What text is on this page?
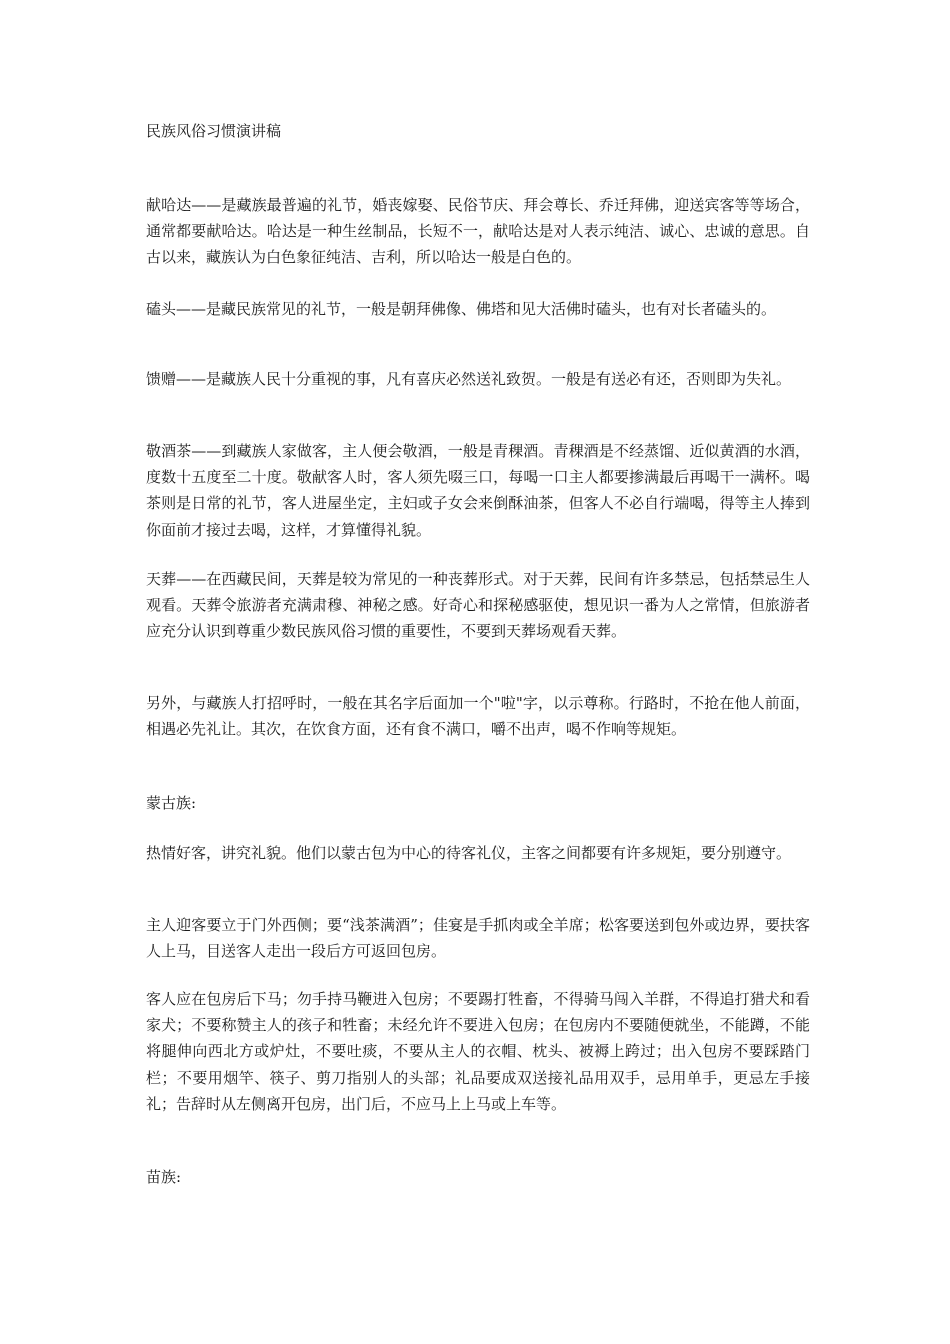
民族风俗习惯演讲稿

献哈达——是藏族最普遍的礼节，婚丧嫁娶、民俗节庆、拜会尊长、乔迁拜佛，迎送宾客等等场合，通常都要献哈达。哈达是一种生丝制品，长短不一，献哈达是对人表示纯洁、诚心、忠诚的意思。自古以来，藏族认为白色象征纯洁、吉利，所以哈达一般是白色的。

磕头——是藏民族常见的礼节，一般是朝拜佛像、佛塔和见大活佛时磕头，也有对长者磕头的。

馈赠——是藏族人民十分重视的事，凡有喜庆必然送礼致贺。一般是有送必有还，否则即为失礼。

敬酒茶——到藏族人家做客，主人便会敬酒，一般是青稞酒。青稞酒是不经蒸馏、近似黄酒的水酒，度数十五度至二十度。敬献客人时，客人须先啜三口，每喝一口主人都要掺满最后再喝干一满杯。喝茶则是日常的礼节，客人进屋坐定，主妇或子女会来倒酥油茶，但客人不必自行端喝，得等主人捧到你面前才接过去喝，这样，才算懂得礼貌。

天葬——在西藏民间，天葬是较为常见的一种丧葬形式。对于天葬，民间有许多禁忌，包括禁忌生人观看。天葬令旅游者充满肃穆、神秘之感。好奇心和探秘感驱使，想见识一番为人之常情，但旅游者应充分认识到尊重少数民族风俗习惯的重要性，不要到天葬场观看天葬。

另外，与藏族人打招呼时，一般在其名字后面加一个"啦"字，以示尊称。行路时，不抢在他人前面，相遇必先礼让。其次，在饮食方面，还有食不满口，嚼不出声，喝不作响等规矩。

蒙古族:

热情好客，讲究礼貌。他们以蒙古包为中心的待客礼仪，主客之间都要有许多规矩，要分别遵守。

主人迎客要立于门外西侧；要“浅茶满酒”；佳宴是手抓肉或全羊席；松客要送到包外或边界，要扶客人上马，目送客人走出一段后方可返回包房。

客人应在包房后下马；勿手持马鞭进入包房；不要踢打牲畜，不得骑马闯入羊群，不得追打猎犬和看家犬；不要称赞主人的孩子和牲畜；未经允许不要进入包房；在包房内不要随便就坐，不能蹲，不能将腿伸向西北方或炉灶，不要吐痰，不要从主人的衣帽、枕头、被褥上跨过；出入包房不要踩踏门栏；不要用烟竿、筷子、剪刀指别人的头部；礼品要成双送接礼品用双手，忌用单手，更忌左手接礼；告辞时从左侧离开包房，出门后，不应马上上马或上车等。

苗族:
